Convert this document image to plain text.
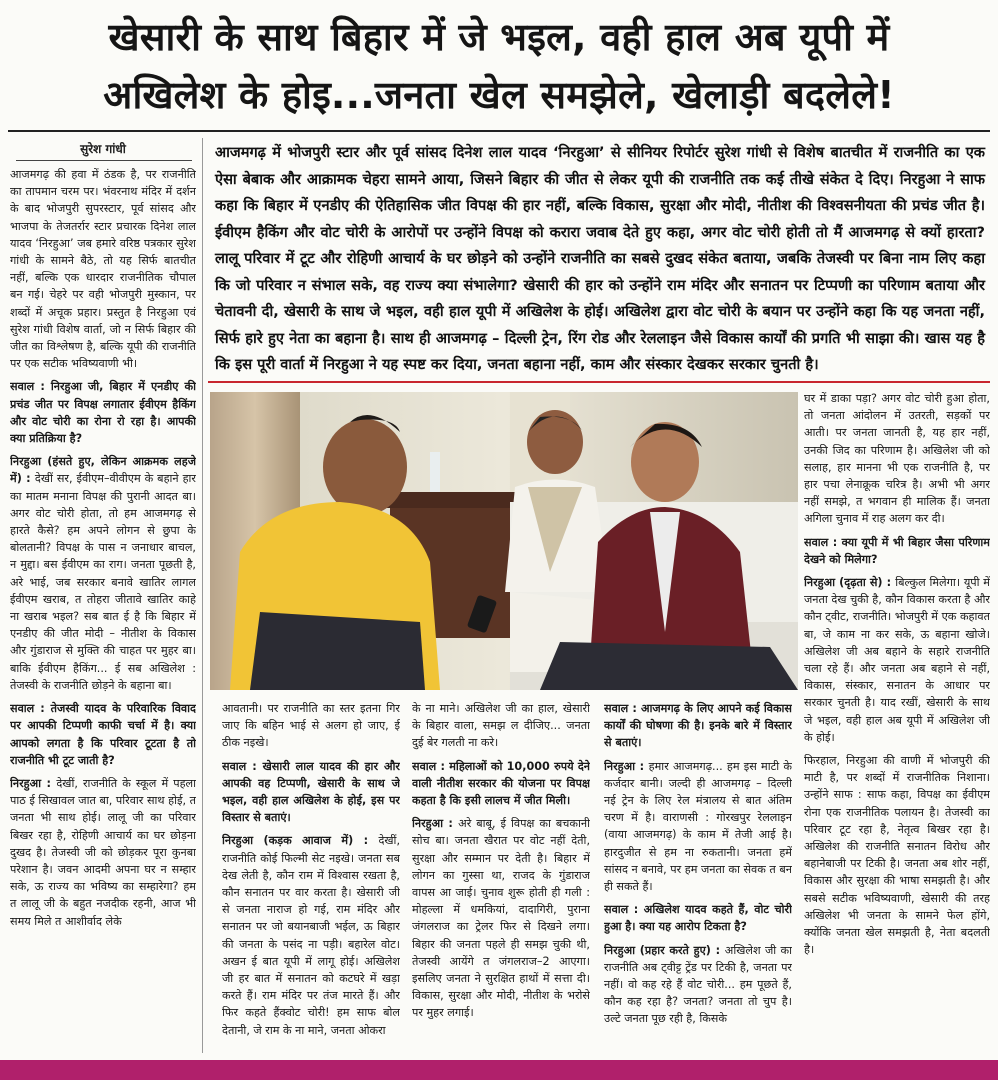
खेसारी के साथ बिहार में जे भइल, वही हाल अब यूपी में
अखिलेश के होइ...जनता खेल समझेले, खेलाड़ी बदलेले!
सुरेश गांधी

आजमगढ़ की हवा में ठंडक है, पर राजनीति का तापमान चरम पर। भंवरनाथ मंदिर में दर्शन के बाद भोजपुरी सुपरस्टार, पूर्व सांसद और भाजपा के तेजतर्रार स्टार प्रचारक दिनेश लाल यादव ‘निरहुआ’ जब हमारे वरिष्ठ पत्रकार सुरेश गांधी के सामने बैठे, तो यह सिर्फ बातचीत नहीं, बल्कि एक धारदार राजनीतिक चौपाल बन गई। चेहरे पर वही भोजपुरी मुस्कान, पर शब्दों में अचूक प्रहार। प्रस्तुत है निरहुआ एवं सुरेश गांधी विशेष वार्ता, जो न सिर्फ बिहार की जीत का विश्लेषण है, बल्कि यूपी की राजनीति पर एक सटीक भविष्यवाणी भी।

सवाल : निरहुआ जी, बिहार में एनडीए की प्रचंड जीत पर विपक्ष लगातार ईवीएम हैकिंग और वोट चोरी का रोना रो रहा है। आपकी क्या प्रतिक्रिया है?

निरहुआ (हंसते हुए, लेकिन आक्रमक लहजे में) : देखीं सर, ईवीएम–वीवीएम के बहाने हार का मातम मनाना विपक्ष की पुरानी आदत बा। अगर वोट चोरी होता, तो हम आजमगढ़ से हारते कैसे? हम अपने लोगन से छुपा के बोलतानी? विपक्ष के पास न जनाधार बाचल, न मुद्दा। बस ईवीएम का राग। जनता पूछती है, अरे भाई, जब सरकार बनावे खातिर लागल ईवीएम खराब, त तोहरा जीतावे खातिर काहे ना खराब भइल? सब बात ई है कि बिहार में एनडीए की जीत मोदी – नीतीश के विकास और गुंडाराज से मुक्ति की चाहत पर मुहर बा। बाकि ईवीएम हैकिंग... ई सब अखिलेश : तेजस्वी के राजनीति छोड़ने के बहाना बा।

सवाल : तेजस्वी यादव के परिवारिक विवाद पर आपकी टिप्पणी काफी चर्चा में है। क्या आपको लगता है कि परिवार टूटता है तो राजनीति भी टूट जाती है?

निरहुआ : देखीं, राजनीति के स्कूल में पहला पाठ ई सिखावल जात बा, परिवार साथ होई, त जनता भी साथ होई। लालू जी का परिवार बिखर रहा है, रोहिणी आचार्य का घर छोड़ना दुखद है। तेजस्वी जी को छोड़कर पूरा कुनबा परेशान है। जवन आदमी अपना घर न सम्हार सके, ऊ राज्य का भविष्य का सम्हारेगा? हम त लालू जी के बहुत नजदीक रहनी, आज भी समय मिले त आशीर्वाद लेके

आजमगढ़ में भोजपुरी स्टार और पूर्व सांसद दिनेश लाल यादव ‘निरहुआ’ से सीनियर रिपोर्टर सुरेश गांधी से विशेष बातचीत में राजनीति का एक ऐसा बेबाक और आक्रामक चेहरा सामने आया, जिसने बिहार की जीत से लेकर यूपी की राजनीति तक कई तीखे संकेत दे दिए। निरहुआ ने साफ कहा कि बिहार में एनडीए की ऐतिहासिक जीत विपक्ष की हार नहीं, बल्कि विकास, सुरक्षा और मोदी, नीतीश की विश्वसनीयता की प्रचंड जीत है। ईवीएम हैकिंग और वोट चोरी के आरोपों पर उन्होंने विपक्ष को करारा जवाब देते हुए कहा, अगर वोट चोरी होती तो मैं आजमगढ़ से क्यों हारता? लालू परिवार में टूट और रोहिणी आचार्य के घर छोड़ने को उन्होंने राजनीति का सबसे दुखद संकेत बताया, जबकि तेजस्वी पर बिना नाम लिए कहा कि जो परिवार न संभाल सके, वह राज्य क्या संभालेगा? खेसारी की हार को उन्होंने राम मंदिर और सनातन पर टिप्पणी का परिणाम बताया और चेतावनी दी, खेसारी के साथ जे भइल, वही हाल यूपी में अखिलेश के होई। अखिलेश द्वारा वोट चोरी के बयान पर उन्होंने कहा कि यह जनता नहीं, सिर्फ हारे हुए नेता का बहाना है। साथ ही आजमगढ़ – दिल्ली ट्रेन, रिंग रोड और रेललाइन जैसे विकास कार्यों की प्रगति भी साझा की। खास यह है कि इस पूरी वार्ता में निरहुआ ने यह स्पष्ट कर दिया, जनता बहाना नहीं, काम और संस्कार देखकर सरकार चुनती है।

आवतानी। पर राजनीति का स्तर इतना गिर जाए कि बहिन भाई से अलग हो जाए, ई ठीक नइखे।

सवाल : खेसारी लाल यादव की हार और आपकी वह टिप्पणी, खेसारी के साथ जे भइल, वही हाल अखिलेश के होई, इस पर विस्तार से बताएं।

निरहुआ (कड़क आवाज में) : देखीं, राजनीति कोई फिल्मी सेट नइखे। जनता सब देख लेती है, कौन राम में विश्वास रखता है, कौन सनातन पर वार करता है। खेसारी जी से जनता नाराज हो गई, राम मंदिर और सनातन पर जो बयानबाजी भईल, ऊ बिहार की जनता के पसंद ना पड़ी। बहारेल वोट। अखन ई बात यूपी में लागू होई। अखिलेश जी हर बात में सनातन को कटघरे में खड़ा करते हैं। राम मंदिर पर तंज मारते हैं। और फिर कहते हैंक्वोट चोरी! हम साफ बोल देतानी, जे राम के ना माने, जनता ओकरा

के ना माने। अखिलेश जी का हाल, खेसारी के बिहार वाला, समझ ल दीजिए... जनता दुई बेर गलती ना करे।

सवाल : महिलाओं को 10,000 रुपये देने वाली नीतीश सरकार की योजना पर विपक्ष कहता है कि इसी लालच में जीत मिली।

निरहुआ : अरे बाबू, ई विपक्ष का बचकानी सोच बा। जनता खैरात पर वोट नहीं देती, सुरक्षा और सम्मान पर देती है। बिहार में लोगन का गुस्सा था, राजद के गुंडाराज वापस आ जाई। चुनाव शुरू होती ही गली : मोहल्ला में धमकियां, दादागिरी, पुराना जंगलराज का ट्रेलर फिर से दिखने लगा। बिहार की जनता पहले ही समझ चुकी थी, तेजस्वी आयेंगे त जंगलराज–2 आएगा। इसलिए जनता ने सुरक्षित हाथों में सत्ता दी। विकास, सुरक्षा और मोदी, नीतीश के भरोसे पर मुहर लगाई।

सवाल : आजमगढ़ के लिए आपने कई विकास कार्यों की घोषणा की है। इनके बारे में विस्तार से बताएं।

निरहुआ : हमार आजमगढ़... हम इस माटी के कर्जदार बानी। जल्दी ही आजमगढ़ – दिल्ली नई ट्रेन के लिए रेल मंत्रालय से बात अंतिम चरण में है। वाराणसी : गोरखपुर रेललाइन (वाया आजमगढ़) के काम में तेजी आई है। हारदुजीत से हम ना रुकतानी। जनता हमें सांसद न बनावे, पर हम जनता का सेवक त बन ही सकते हैं।

सवाल : अखिलेश यादव कहते हैं, वोट चोरी हुआ है। क्या यह आरोप टिकता है?

निरहुआ (प्रहार करते हुए) : अखिलेश जी का राजनीति अब ट्वीट्ट ट्रेंड पर टिकी है, जनता पर नहीं। वो कह रहे हैं वोट चोरी... हम पूछते हैं, कौन कह रहा है? जनता? जनता तो चुप है। उल्टे जनता पूछ रही है, किसके

घर में डाका पड़ा? अगर वोट चोरी हुआ होता, तो जनता आंदोलन में उतरती, सड़कों पर आती। पर जनता जानती है, यह हार नहीं, उनकी जिद का परिणाम है। अखिलेश जी को सलाह, हार मानना भी एक राजनीति है, पर हार पचा लेनाक्रूक चरित्र है। अभी भी अगर नहीं समझे, त भगवान ही मालिक हैं। जनता अगिला चुनाव में राह अलग कर दी।

सवाल : क्या यूपी में भी बिहार जैसा परिणाम देखने को मिलेगा?

निरहुआ (दृढ़ता से) : बिल्कुल मिलेगा। यूपी में जनता देख चुकी है, कौन विकास करता है और कौन ट्वीट, राजनीति। भोजपुरी में एक कहावत बा, जे काम ना कर सके, ऊ बहाना खोजे। अखिलेश जी अब बहाने के सहारे राजनीति चला रहे हैं। और जनता अब बहाने से नहीं, विकास, संस्कार, सनातन के आधार पर सरकार चुनती है। याद रखीं, खेसारी के साथ जे भइल, वही हाल अब यूपी में अखिलेश जी के होई।

फिरहाल, निरहुआ की वाणी में भोजपुरी की माटी है, पर शब्दों में राजनीतिक निशाना। उन्होंने साफ : साफ कहा, विपक्ष का ईवीएम रोना एक राजनीतिक पलायन है। तेजस्वी का परिवार टूट रहा है, नेतृत्व बिखर रहा है। अखिलेश की राजनीति सनातन विरोध और बहानेबाजी पर टिकी है। जनता अब शोर नहीं, विकास और सुरक्षा की भाषा समझती है। और सबसे सटीक भविष्यवाणी, खेसारी की तरह अखिलेश भी जनता के सामने फेल होंगे, क्योंकि जनता खेल समझती है, नेता बदलती है।
